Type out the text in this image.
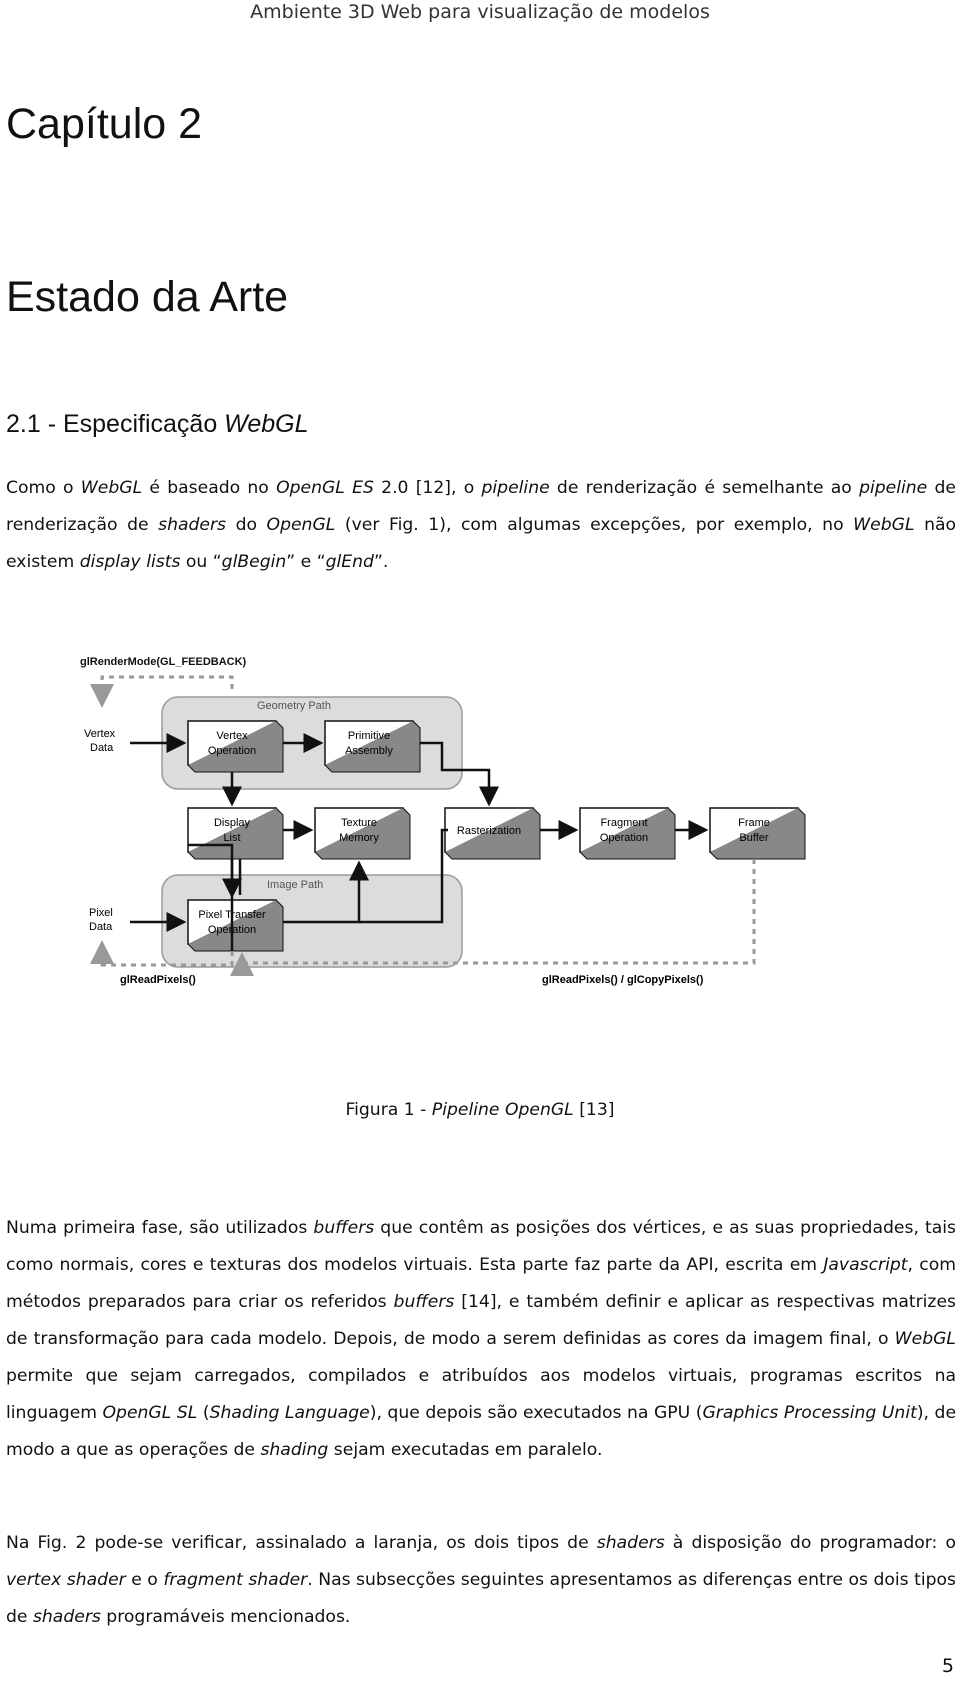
Ambiente 3D Web para visualização de modelos
Capítulo 2
Estado da Arte
2.1 - Especificação WebGL

Como o WebGL é baseado no OpenGL ES 2.0 [12], o pipeline de renderização é semelhante ao pipeline de renderização de shaders do OpenGL (ver Fig. 1), com algumas excepções, por exemplo, no WebGL não existem display lists ou “glBegin” e “glEnd”.

Geometry Path
Image Path
glRenderMode(GL_FEEDBACK)
Vertex
Data
Pixel
Data
Vertex
Operation
Primitive
Assembly
Display
List
Texture
Memory
Rasterization
Fragment
Operation
Frame
Buffer
Pixel Transfer
Operation
glReadPixels()	glReadPixels() / glCopyPixels()
Figura 1 - Pipeline OpenGL [13]

Numa primeira fase, são utilizados buffers que contêm as posições dos vértices, e as suas propriedades, tais como normais, cores e texturas dos modelos virtuais. Esta parte faz parte da API, escrita em Javascript, com métodos preparados para criar os referidos buffers [14], e também definir e aplicar as respectivas matrizes de transformação para cada modelo. Depois, de modo a serem definidas as cores da imagem final, o WebGL permite que sejam carregados, compilados e atribuídos aos modelos virtuais, programas escritos na linguagem OpenGL SL (Shading Language), que depois são executados na GPU (Graphics Processing Unit), de modo a que as operações de shading sejam executadas em paralelo.

Na Fig. 2 pode-se verificar, assinalado a laranja, os dois tipos de shaders à disposição do programador: o vertex shader e o fragment shader. Nas subsecções seguintes apresentamos as diferenças entre os dois tipos de shaders programáveis mencionados.

5
